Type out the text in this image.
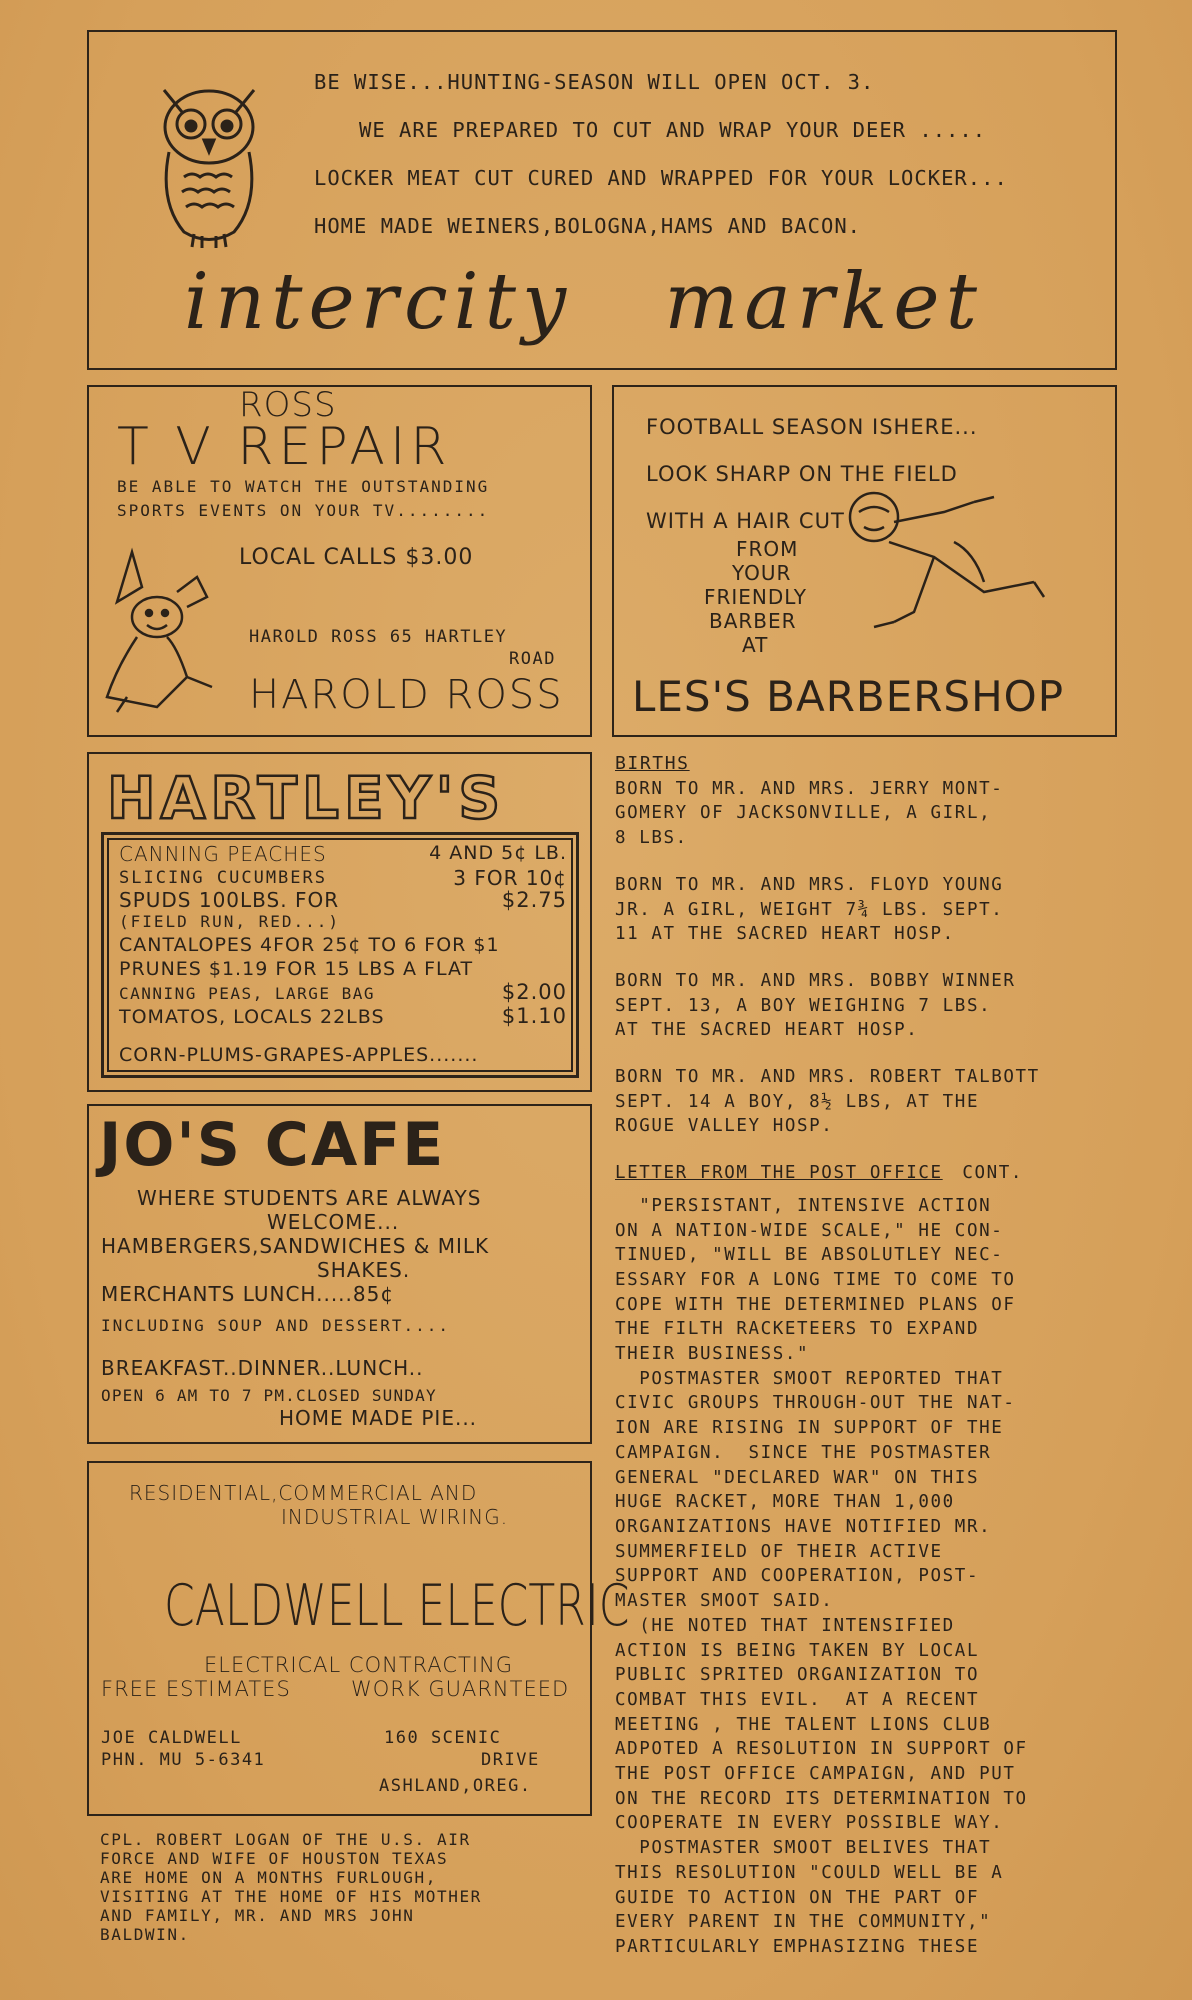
BE WISE...HUNTING-SEASON WILL OPEN OCT. 3.
WE ARE PREPARED TO CUT AND WRAP YOUR DEER .....
LOCKER MEAT CUT CURED AND WRAPPED FOR YOUR LOCKER...
HOME MADE WEINERS,BOLOGNA,HAMS AND BACON.
intercity   market
ROSS
T V REPAIR
BE ABLE TO WATCH THE OUTSTANDING
SPORTS EVENTS ON YOUR TV........
LOCAL CALLS $3.00
HAROLD ROSS 65 HARTLEY
ROAD
HAROLD ROSS
FOOTBALL SEASON ISHERE...
LOOK SHARP ON THE FIELD
WITH A HAIR CUT
FROM
YOUR
FRIENDLY
BARBER
AT
LES'S BARBERSHOP
HARTLEY'S
CANNING PEACHES	4 AND 5¢ LB.
SLICING CUCUMBERS	3 FOR 10¢
SPUDS 100LBS. FOR	$2.75
(FIELD RUN, RED...)
CANTALOPES 4FOR 25¢ TO 6 FOR $1
PRUNES $1.19 FOR 15 LBS A FLAT
CANNING PEAS, LARGE BAG	$2.00
TOMATOS, LOCALS 22LBS	$1.10
CORN-PLUMS-GRAPES-APPLES.......
JO'S CAFE
WHERE STUDENTS ARE ALWAYS
WELCOME...
HAMBERGERS,SANDWICHES & MILK
SHAKES.
MERCHANTS LUNCH.....85¢
INCLUDING SOUP AND DESSERT....
BREAKFAST..DINNER..LUNCH..
OPEN 6 AM TO 7 PM.CLOSED SUNDAY
HOME MADE PIE...
RESIDENTIAL,COMMERCIAL AND
INDUSTRIAL WIRING.
CALDWELL ELECTRIC
ELECTRICAL CONTRACTING
FREE ESTIMATES	WORK GUARNTEED
JOE CALDWELL
PHN. MU 5-6341
160 SCENIC
DRIVE
ASHLAND,OREG.
CPL. ROBERT LOGAN OF THE U.S. AIR
FORCE AND WIFE OF HOUSTON TEXAS
ARE HOME ON A MONTHS FURLOUGH,
VISITING AT THE HOME OF HIS MOTHER
AND FAMILY, MR. AND MRS JOHN
BALDWIN.
BIRTHS
BORN TO MR. AND MRS. JERRY MONT-
GOMERY OF JACKSONVILLE, A GIRL,
8 LBS.
BORN TO MR. AND MRS. FLOYD YOUNG
JR. A GIRL, WEIGHT 7¾ LBS. SEPT.
11 AT THE SACRED HEART HOSP.
BORN TO MR. AND MRS. BOBBY WINNER
SEPT. 13, A BOY WEIGHING 7 LBS.
AT THE SACRED HEART HOSP.
BORN TO MR. AND MRS. ROBERT TALBOTT
SEPT. 14 A BOY, 8½ LBS, AT THE
ROGUE VALLEY HOSP.
LETTER FROM THE POST OFFICE CONT.
"PERSISTANT, INTENSIVE ACTION
ON A NATION-WIDE SCALE," HE CON-
TINUED, "WILL BE ABSOLUTLEY NEC-
ESSARY FOR A LONG TIME TO COME TO
COPE WITH THE DETERMINED PLANS OF
THE FILTH RACKETEERS TO EXPAND
THEIR BUSINESS."
POSTMASTER SMOOT REPORTED THAT
CIVIC GROUPS THROUGH-OUT THE NAT-
ION ARE RISING IN SUPPORT OF THE
CAMPAIGN.  SINCE THE POSTMASTER
GENERAL "DECLARED WAR" ON THIS
HUGE RACKET, MORE THAN 1,000
ORGANIZATIONS HAVE NOTIFIED MR.
SUMMERFIELD OF THEIR ACTIVE
SUPPORT AND COOPERATION, POST-
MASTER SMOOT SAID.
(HE NOTED THAT INTENSIFIED
ACTION IS BEING TAKEN BY LOCAL
PUBLIC SPRITED ORGANIZATION TO
COMBAT THIS EVIL.  AT A RECENT
MEETING , THE TALENT LIONS CLUB
ADPOTED A RESOLUTION IN SUPPORT OF
THE POST OFFICE CAMPAIGN, AND PUT
ON THE RECORD ITS DETERMINATION TO
COOPERATE IN EVERY POSSIBLE WAY.
POSTMASTER SMOOT BELIVES THAT
THIS RESOLUTION "COULD WELL BE A
GUIDE TO ACTION ON THE PART OF
EVERY PARENT IN THE COMMUNITY,"
PARTICULARLY EMPHASIZING THESE
